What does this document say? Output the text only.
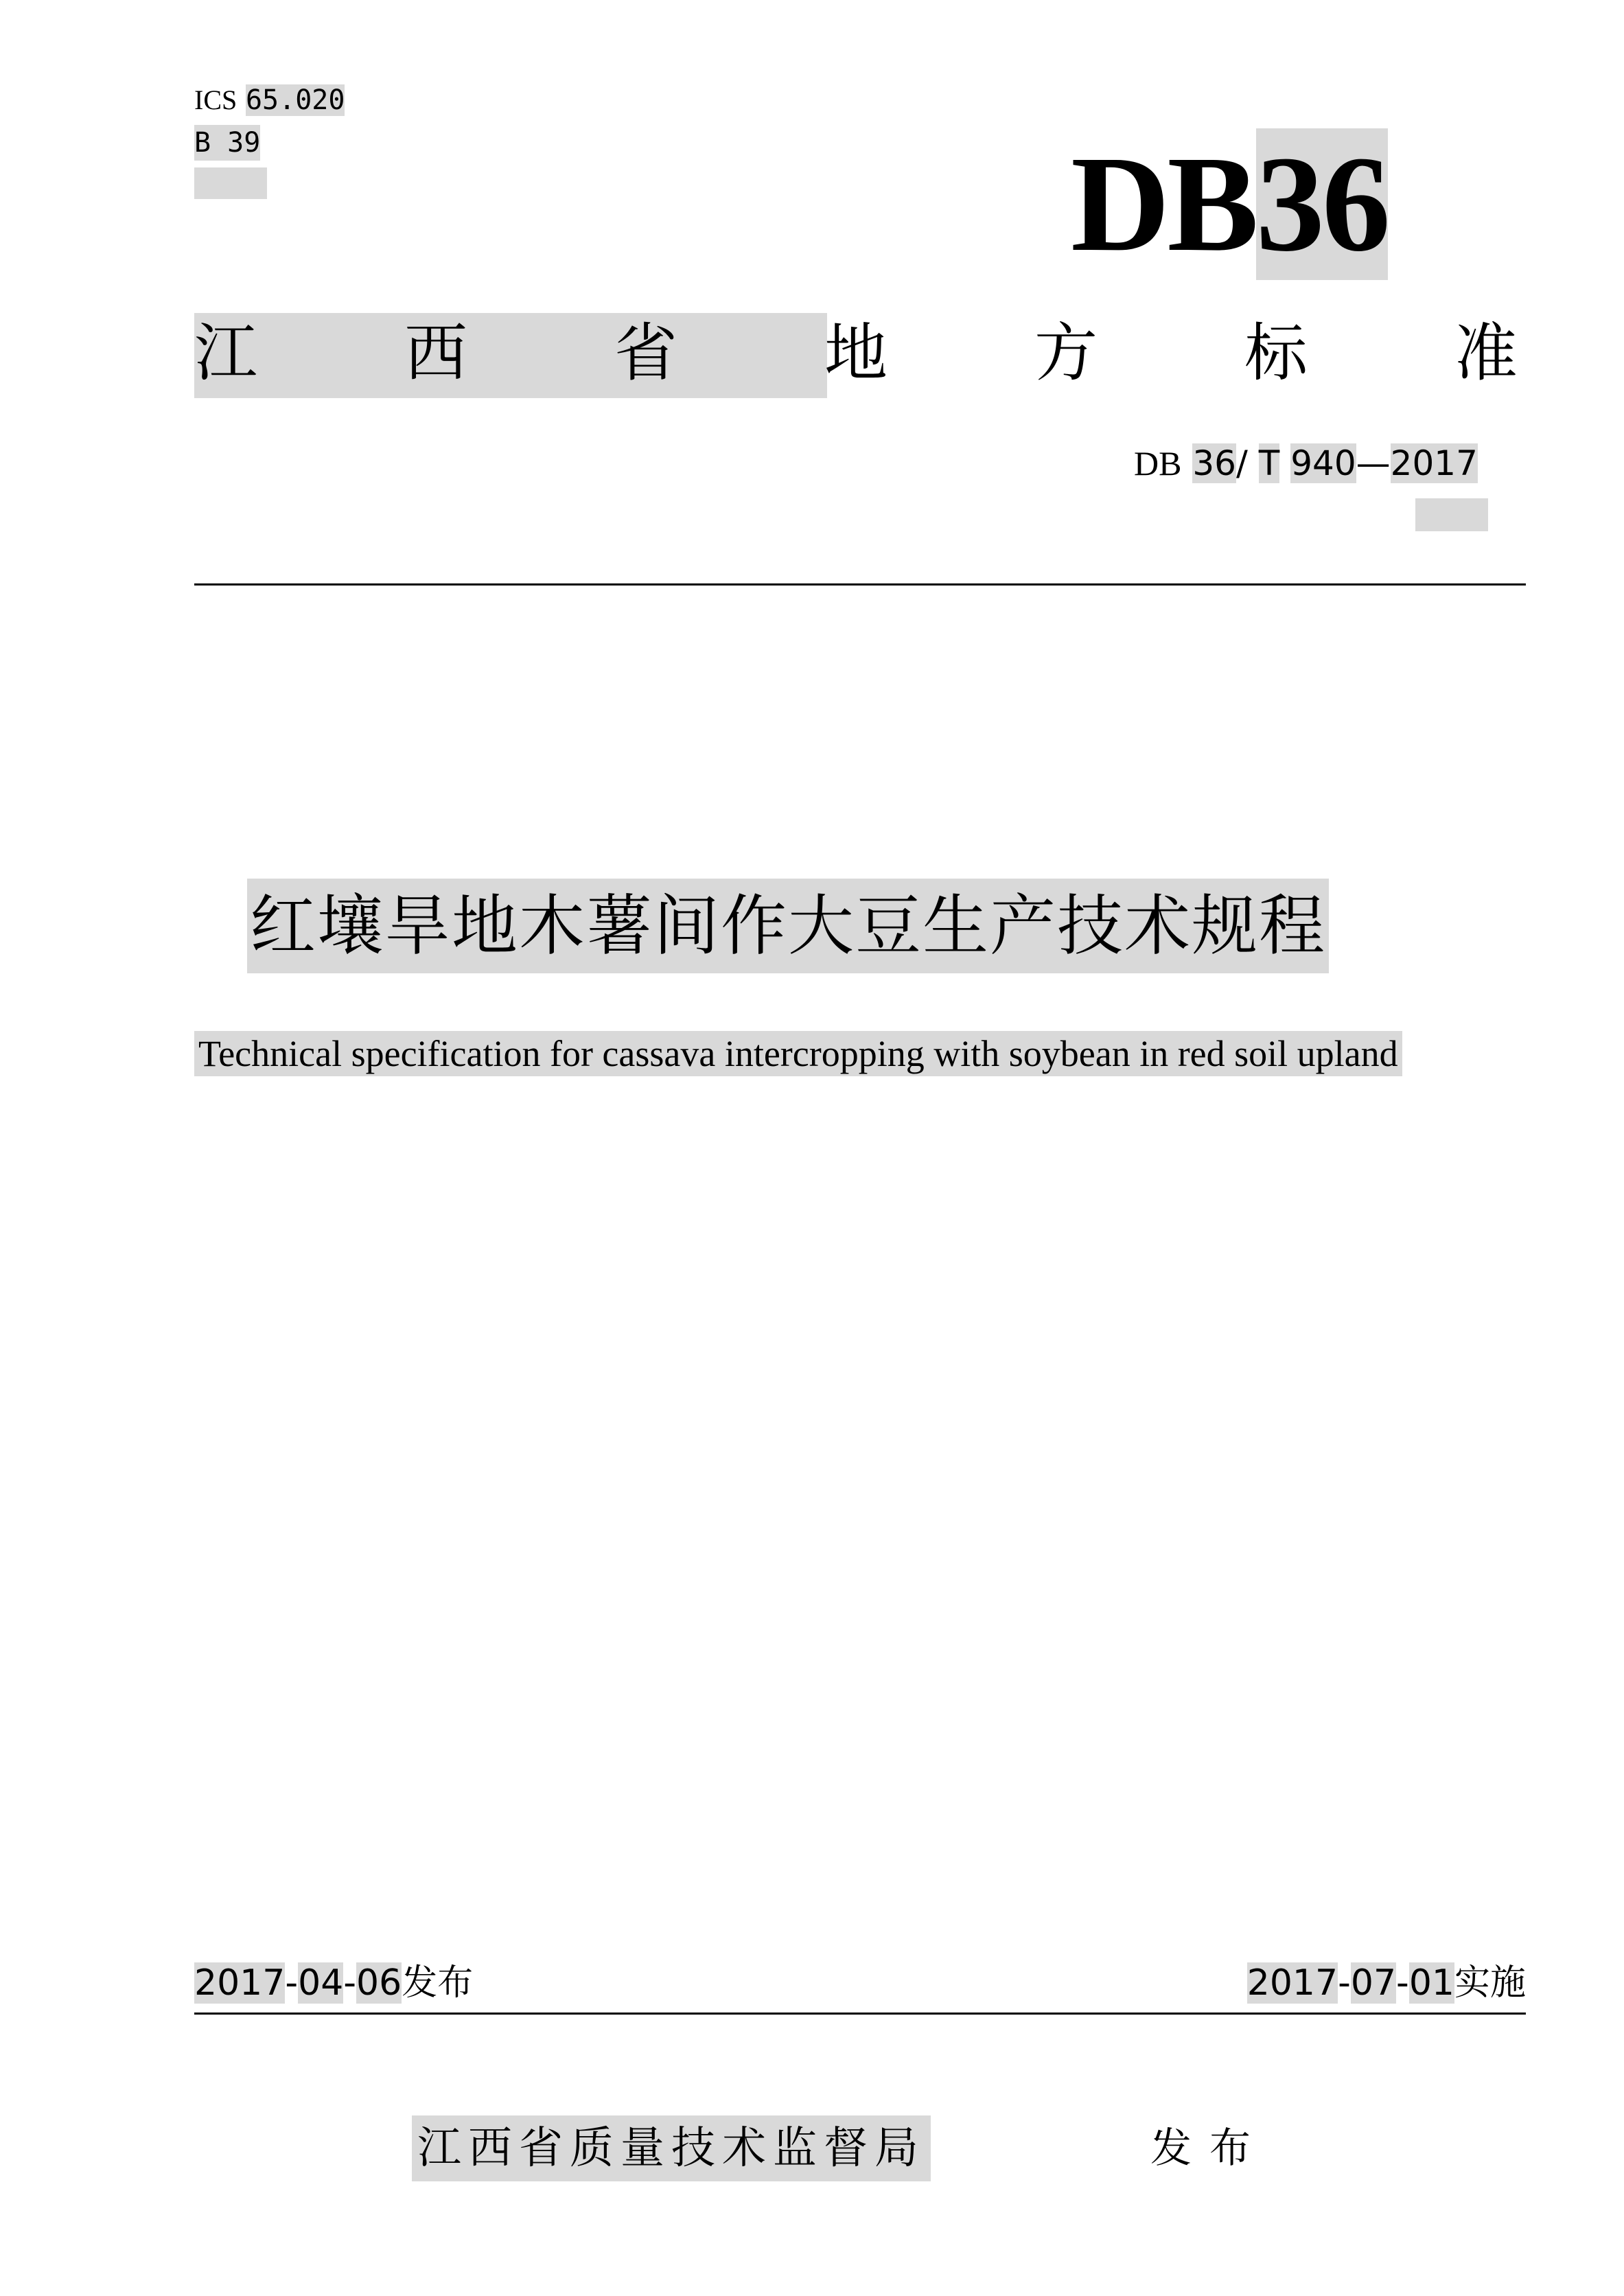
ICS 65.020
B 39	DB36
江 西 省 地 方 标 准
DB 36/ T 940—2017
红壤旱地木薯间作大豆生产技术规程
Technical specification for cassava intercropping with soybean in red soil upland
2017-04-06发布	2017-07-01实施
江西省质量技术监督局	发布
